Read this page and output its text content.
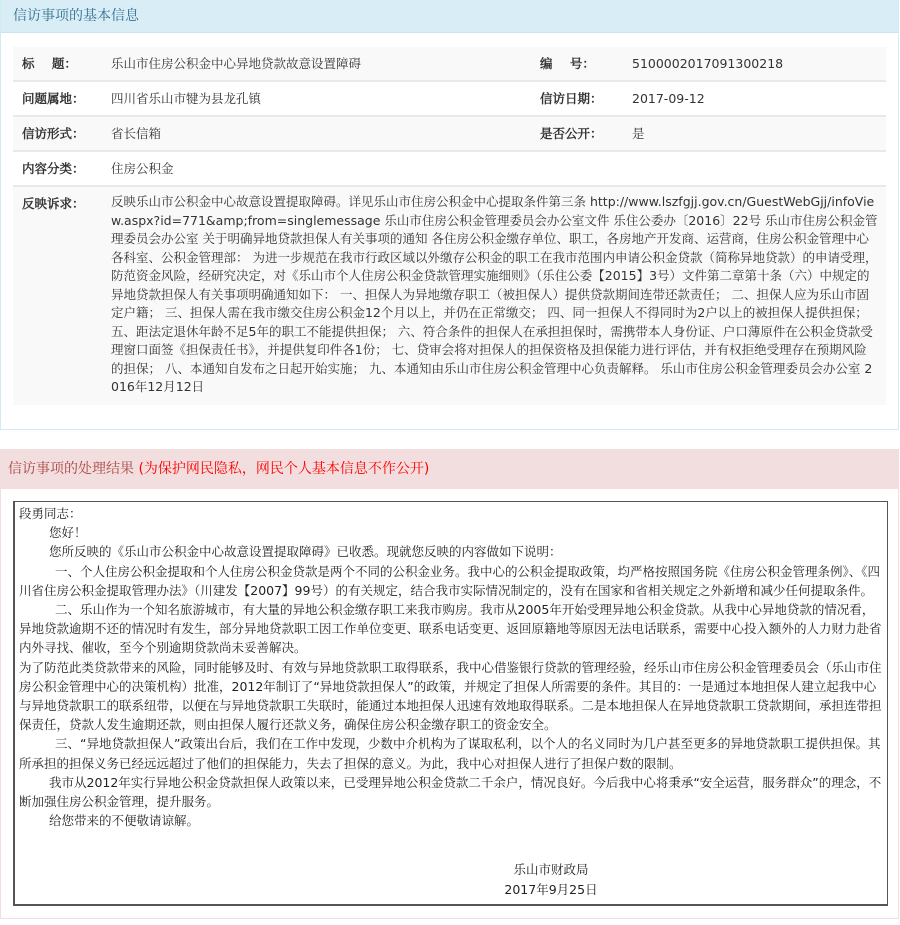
信访事项的基本信息
标    题：	乐山市住房公积金中心异地贷款故意设置障碍	编    号：	5100002017091300218
问题属地：	四川省乐山市犍为县龙孔镇	信访日期：	2017-09-12
信访形式：	省长信箱	是否公开：	是
内容分类：	住房公积金
反映诉求：	反映乐山市公积金中心故意设置提取障碍。详见乐山市住房公积金中心提取条件第三条 http://www.lszfgjj.gov.cn/GuestWebGjj/infoView.aspx?id=771&amp;from=singlemessage 乐山市住房公积金管理委员会办公室文件 乐住公委办〔2016〕22号 乐山市住房公积金管理委员会办公室 关于明确异地贷款担保人有关事项的通知 各住房公积金缴存单位、职工，各房地产开发商、运营商，住房公积金管理中心各科室、公积金管理部： 为进一步规范在我市行政区域以外缴存公积金的职工在我市范围内申请公积金贷款（简称异地贷款）的申请受理，防范资金风险，经研究决定，对《乐山市个人住房公积金贷款管理实施细则》（乐住公委【2015】3号）文件第二章第十条（六）中规定的异地贷款担保人有关事项明确通知如下： 一、担保人为异地缴存职工（被担保人）提供贷款期间连带还款责任； 二、担保人应为乐山市固定户籍； 三、担保人需在我市缴交住房公积金12个月以上，并仍在正常缴交； 四、同一担保人不得同时为2户以上的被担保人提供担保； 五、距法定退休年龄不足5年的职工不能提供担保； 六、符合条件的担保人在承担担保时，需携带本人身份证、户口薄原件在公积金贷款受理窗口面签《担保责任书》，并提供复印件各1份； 七、贷审会将对担保人的担保资格及担保能力进行评估，并有权拒绝受理存在预期风险的担保； 八、本通知自发布之日起开始实施； 九、本通知由乐山市住房公积金管理中心负责解释。 乐山市住房公积金管理委员会办公室 2016年12月12日
信访事项的处理结果 (为保护网民隐私，网民个人基本信息不作公开)

段勇同志：

您好！

您所反映的《乐山市公积金中心故意设置提取障碍》已收悉。现就您反映的内容做如下说明：

一、个人住房公积金提取和个人住房公积金贷款是两个不同的公积金业务。我中心的公积金提取政策，均严格按照国务院《住房公积金管理条例》、《四川省住房公积金提取管理办法》（川建发【2007】99号）的有关规定，结合我市实际情况制定的，没有在国家和省相关规定之外新增和减少任何提取条件。

二、乐山作为一个知名旅游城市，有大量的异地公积金缴存职工来我市购房。我市从2005年开始受理异地公积金贷款。从我中心异地贷款的情况看，异地贷款逾期不还的情况时有发生，部分异地贷款职工因工作单位变更、联系电话变更、返回原籍地等原因无法电话联系，需要中心投入额外的人力财力赴省内外寻找、催收，至今个别逾期贷款尚未妥善解决。

为了防范此类贷款带来的风险，同时能够及时、有效与异地贷款职工取得联系，我中心借鉴银行贷款的管理经验，经乐山市住房公积金管理委员会（乐山市住房公积金管理中心的决策机构）批准，2012年制订了“异地贷款担保人”的政策，并规定了担保人所需要的条件。其目的：一是通过本地担保人建立起我中心与异地贷款职工的联系纽带，以便在与异地贷款职工失联时，能通过本地担保人迅速有效地取得联系。二是本地担保人在异地贷款职工贷款期间，承担连带担保责任，贷款人发生逾期还款，则由担保人履行还款义务，确保住房公积金缴存职工的资金安全。

三、“异地贷款担保人”政策出台后，我们在工作中发现，少数中介机构为了谋取私利，以个人的名义同时为几户甚至更多的异地贷款职工提供担保。其所承担的担保义务已经远远超过了他们的担保能力，失去了担保的意义。为此，我中心对担保人进行了担保户数的限制。

我市从2012年实行异地公积金贷款担保人政策以来，已受理异地公积金贷款二千余户，情况良好。今后我中心将秉承“安全运营，服务群众”的理念，不断加强住房公积金管理，提升服务。

给您带来的不便敬请谅解。

乐山市财政局

2017年9月25日
